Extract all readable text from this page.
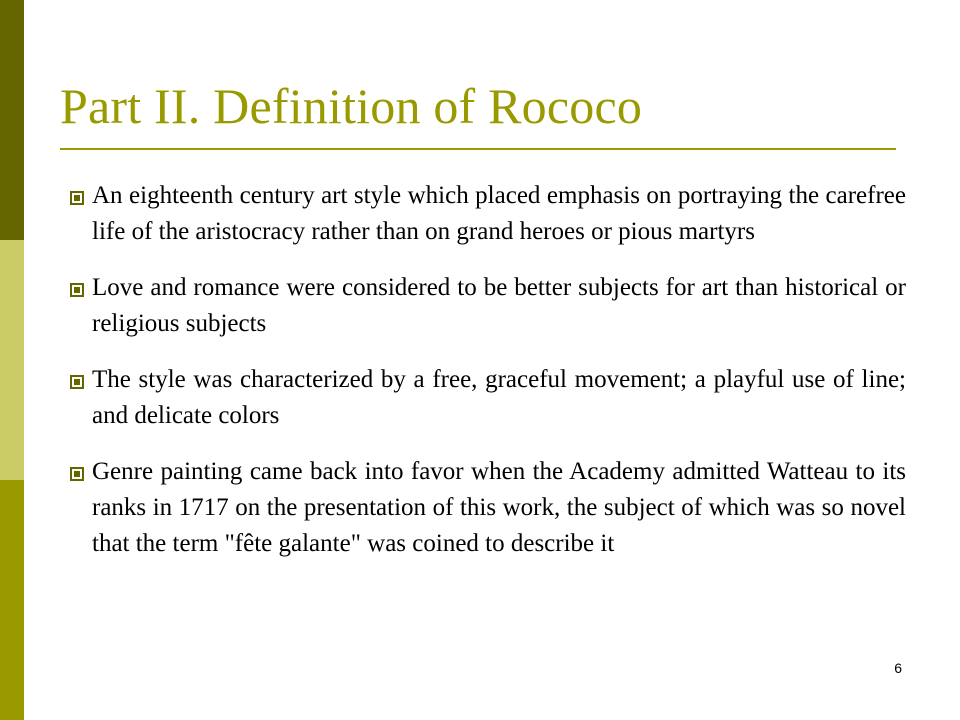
Part II. Definition of Rococo
An eighteenth century art style which placed emphasis on portraying the carefree life of the aristocracy rather than on grand heroes or pious martyrs
Love and romance were considered to be better subjects for art than historical or religious subjects
The style was characterized by a free, graceful movement; a playful use of line; and delicate colors
Genre painting came back into favor when the Academy admitted Watteau to its ranks in 1717 on the presentation of this work, the subject of which was so novel that the term "fête galante" was coined to describe it
6
